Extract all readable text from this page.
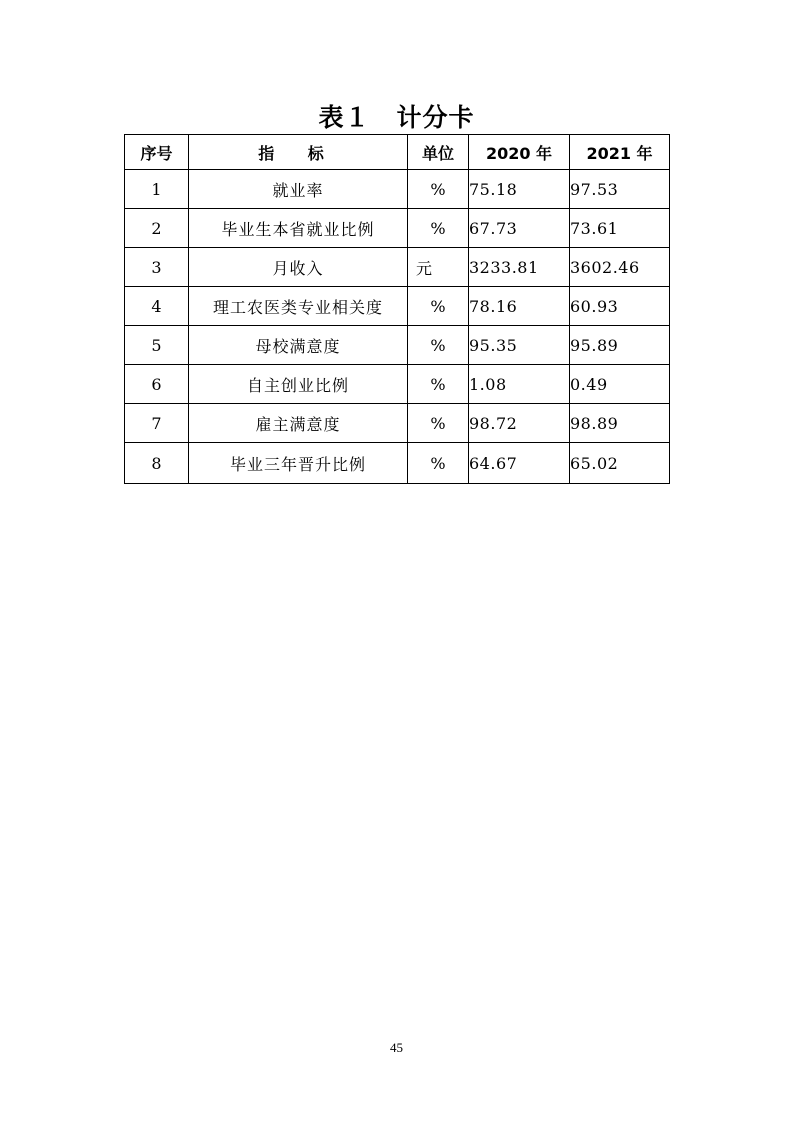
表１　计分卡
序号	指 标	单位	2020 年	2021 年
1	就业率	%	75.18	97.53
2	毕业生本省就业比例	%	67.73	73.61
3	月收入	元	3233.81	3602.46
4	理工农医类专业相关度	%	78.16	60.93
5	母校满意度	%	95.35	95.89
6	自主创业比例	%	1.08	0.49
7	雇主满意度	%	98.72	98.89
8	毕业三年晋升比例	%	64.67	65.02
45
